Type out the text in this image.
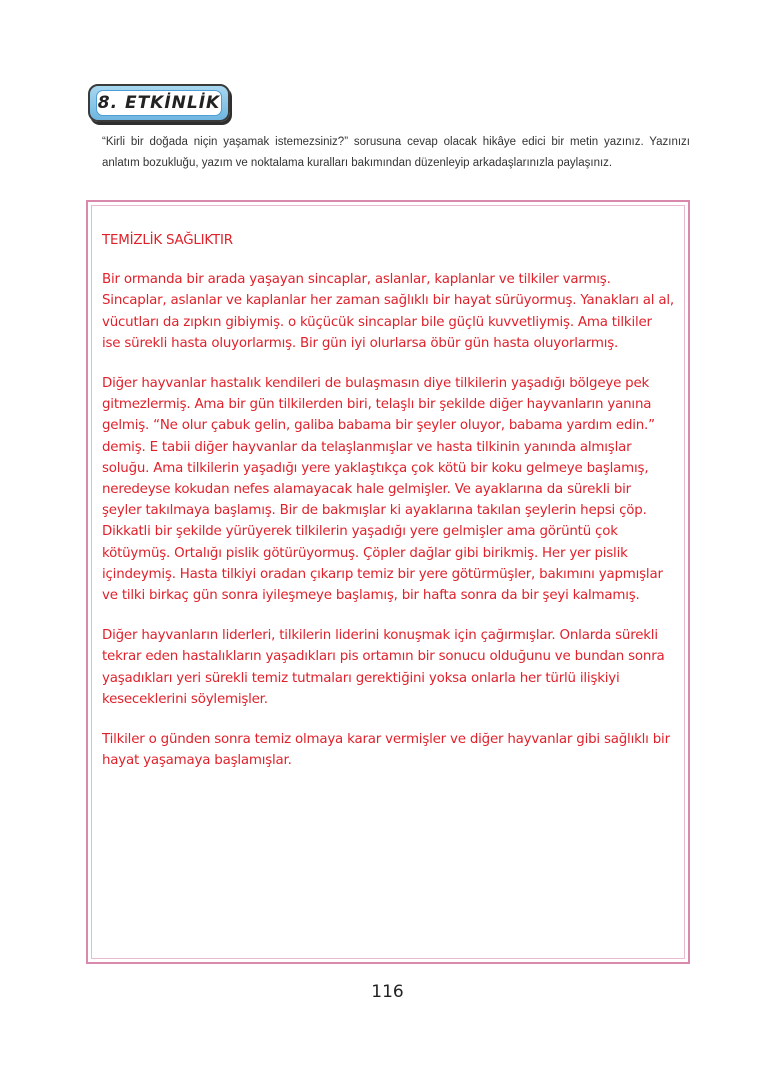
8. ETKİNLİK
“Kirli bir doğada niçin yaşamak istemezsiniz?” sorusuna cevap olacak hikâye edici bir metin yazınız. Yazınızı anlatım bozukluğu, yazım ve noktalama kuralları bakımından düzenleyip arkadaşlarınızla paylaşınız.
TEMİZLİK SAĞLIKTIR

Bir ormanda bir arada yaşayan sincaplar, aslanlar, kaplanlar ve tilkiler varmış. Sincaplar, aslanlar ve kaplanlar her zaman sağlıklı bir hayat sürüyormuş. Yanakları al al, vücutları da zıpkın gibiymiş. o küçücük sincaplar bile güçlü kuvvetliymiş. Ama tilkiler ise sürekli hasta oluyorlarmış. Bir gün iyi olurlarsa öbür gün hasta oluyorlarmış.

Diğer hayvanlar hastalık kendileri de bulaşmasın diye tilkilerin yaşadığı bölgeye pek gitmezlermiş. Ama bir gün tilkilerden biri, telaşlı bir şekilde diğer hayvanların yanına gelmiş. “Ne olur çabuk gelin, galiba babama bir şeyler oluyor, babama yardım edin.” demiş. E tabii diğer hayvanlar da telaşlanmışlar ve hasta tilkinin yanında almışlar soluğu. Ama tilkilerin yaşadığı yere yaklaştıkça çok kötü bir koku gelmeye başlamış, neredeyse kokudan nefes alamayacak hale gelmişler. Ve ayaklarına da sürekli bir şeyler takılmaya başlamış. Bir de bakmışlar ki ayaklarına takılan şeylerin hepsi çöp. Dikkatli bir şekilde yürüyerek tilkilerin yaşadığı yere gelmişler ama görüntü çok kötüymüş. Ortalığı pislik götürüyormuş. Çöpler dağlar gibi birikmiş. Her yer pislik içindeymiş. Hasta tilkiyi oradan çıkarıp temiz bir yere götürmüşler, bakımını yapmışlar ve tilki birkaç gün sonra iyileşmeye başlamış, bir hafta sonra da bir şeyi kalmamış.

Diğer hayvanların liderleri, tilkilerin liderini konuşmak için çağırmışlar. Onlarda sürekli tekrar eden hastalıkların yaşadıkları pis ortamın bir sonucu olduğunu ve bundan sonra yaşadıkları yeri sürekli temiz tutmaları gerektiğini yoksa onlarla her türlü ilişkiyi keseceklerini söylemişler.

Tilkiler o günden sonra temiz olmaya karar vermişler ve diğer hayvanlar gibi sağlıklı bir hayat yaşamaya başlamışlar.

116
